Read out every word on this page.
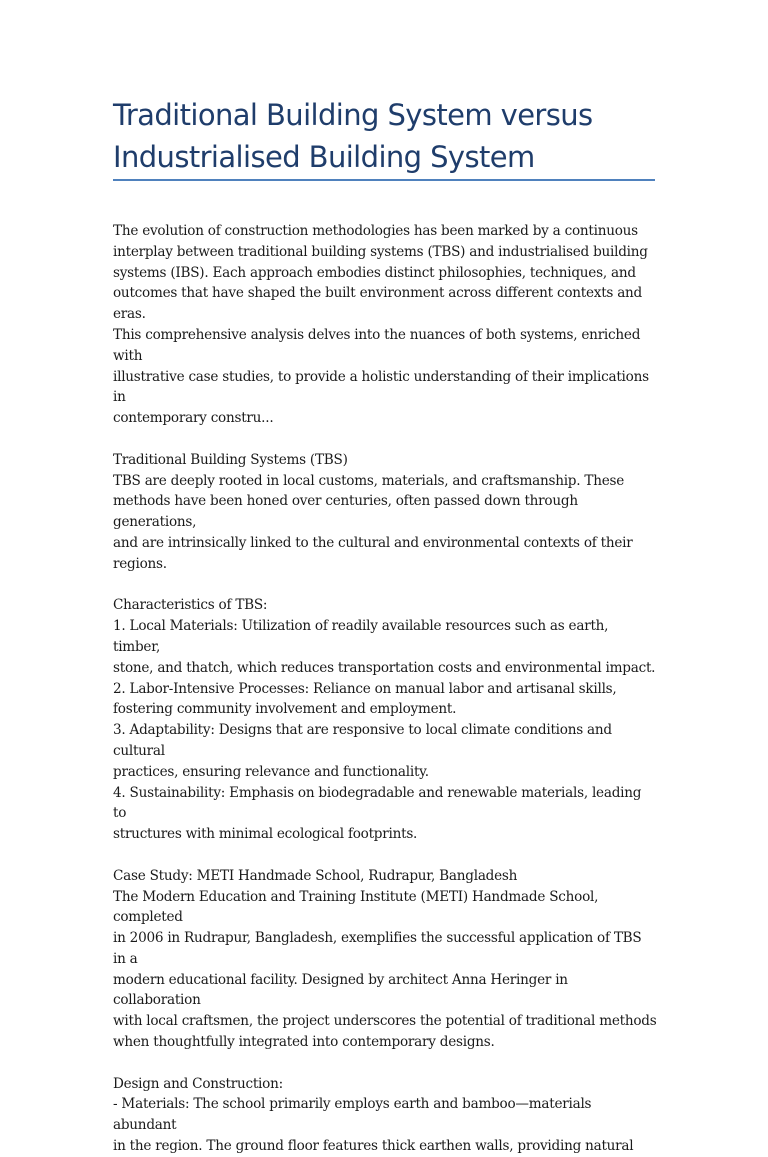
Traditional Building System versus
Industrialised Building System

The evolution of construction methodologies has been marked by a continuous

interplay between traditional building systems (TBS) and industrialised building

systems (IBS). Each approach embodies distinct philosophies, techniques, and

outcomes that have shaped the built environment across different contexts and eras.

This comprehensive analysis delves into the nuances of both systems, enriched with

illustrative case studies, to provide a holistic understanding of their implications in

contemporary constru...

Traditional Building Systems (TBS)

TBS are deeply rooted in local customs, materials, and craftsmanship. These

methods have been honed over centuries, often passed down through generations,

and are intrinsically linked to the cultural and environmental contexts of their

regions.

Characteristics of TBS:

1. Local Materials: Utilization of readily available resources such as earth, timber,

stone, and thatch, which reduces transportation costs and environmental impact.

2. Labor-Intensive Processes: Reliance on manual labor and artisanal skills,

fostering community involvement and employment.

3. Adaptability: Designs that are responsive to local climate conditions and cultural

practices, ensuring relevance and functionality.

4. Sustainability: Emphasis on biodegradable and renewable materials, leading to

structures with minimal ecological footprints.

Case Study: METI Handmade School, Rudrapur, Bangladesh

The Modern Education and Training Institute (METI) Handmade School, completed

in 2006 in Rudrapur, Bangladesh, exemplifies the successful application of TBS in a

modern educational facility. Designed by architect Anna Heringer in collaboration

with local craftsmen, the project underscores the potential of traditional methods

when thoughtfully integrated into contemporary designs.

Design and Construction:

- Materials: The school primarily employs earth and bamboo—materials abundant

in the region. The ground floor features thick earthen walls, providing natural
